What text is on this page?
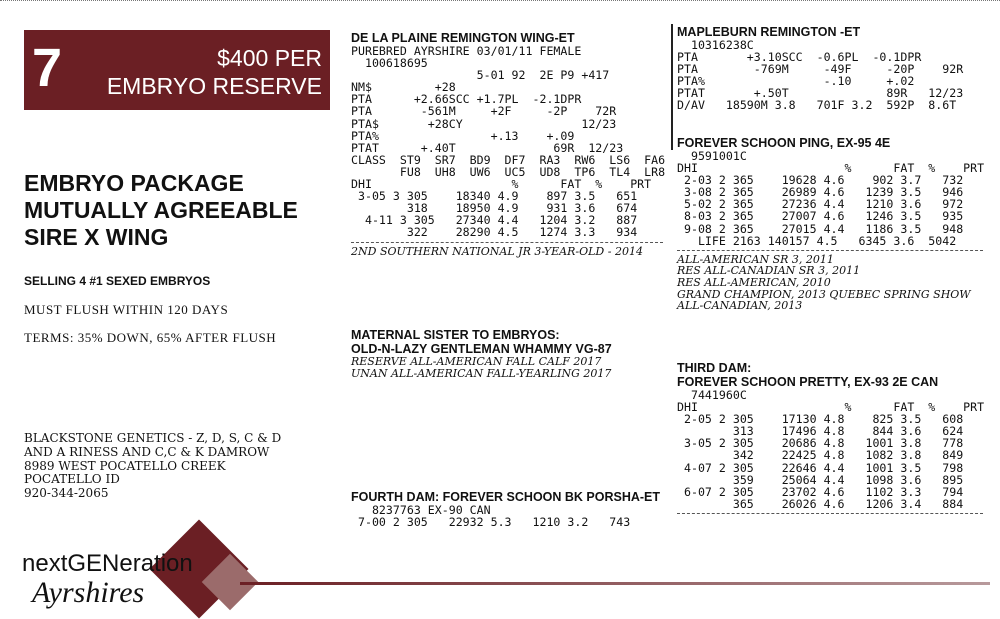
7	$400 PER
EMBRYO RESERVE
EMBRYO PACKAGE
MUTUALLY AGREEABLE
SIRE X WING
SELLING 4 #1 SEXED EMBRYOS
MUST FLUSH WITHIN 120 DAYS
TERMS: 35% DOWN, 65% AFTER FLUSH
BLACKSTONE GENETICS - Z, D, S, C & D
AND A RINESS AND C,C & K DAMROW
8989 WEST POCATELLO CREEK
POCATELLO ID
920-344-2065
DE LA PLAINE REMINGTON WING-ET
PUREBRED AYRSHIRE 03/01/11 FEMALE
100618695
5-01 92  2E P9 +417
NM$         +28
PTA      +2.66SCC +1.7PL  -2.1DPR
PTA       -561M     +2F     -2P    72R
PTA$       +28CY                 12/23
PTA%                +.13    +.09
PTAT      +.40T              69R  12/23
CLASS  ST9  SR7  BD9  DF7  RA3  RW6  LS6  FA6
FU8  UH8  UW6  UC5  UD8  TP6  TL4  LR8
DHI                    %      FAT  %    PRT
3-05 3 305    18340 4.9    897 3.5   651
318    18950 4.9    931 3.6   674
4-11 3 305   27340 4.4   1204 3.2   887
322    28290 4.5   1274 3.3   934
2ND SOUTHERN NATIONAL JR 3-YEAR-OLD - 2014
MATERNAL SISTER TO EMBRYOS:
OLD-N-LAZY GENTLEMAN WHAMMY VG-87
RESERVE ALL-AMERICAN FALL CALF 2017
UNAN ALL-AMERICAN FALL-YEARLING 2017
FOURTH DAM: FOREVER SCHOON BK PORSHA-ET
8237763 EX-90 CAN
7-00 2 305   22932 5.3   1210 3.2   743
MAPLEBURN REMINGTON -ET
10316238C
PTA       +3.10SCC  -0.6PL  -0.1DPR
PTA        -769M     -49F     -20P    92R
PTA%                 -.10     +.02
PTAT       +.50T              89R   12/23
D/AV   18590M 3.8   701F 3.2  592P  8.6T
FOREVER SCHOON PING, EX-95 4E
9591001C
DHI                     %      FAT  %    PRT
2-03 2 365    19628 4.6    902 3.7   732
3-08 2 365    26989 4.6   1239 3.5   946
5-02 2 365    27236 4.4   1210 3.6   972
8-03 2 365    27007 4.6   1246 3.5   935
9-08 2 365    27015 4.4   1186 3.5   948
LIFE 2163 140157 4.5   6345 3.6  5042
ALL-AMERICAN SR 3, 2011
RES ALL-CANADIAN SR 3, 2011
RES ALL-AMERICAN, 2010
GRAND CHAMPION, 2013 QUEBEC SPRING SHOW
ALL-CANADIAN, 2013
THIRD DAM:
FOREVER SCHOON PRETTY, EX-93 2E CAN
7441960C
DHI                     %      FAT  %    PRT
2-05 2 305    17130 4.8    825 3.5   608
313    17496 4.8    844 3.6   624
3-05 2 305    20686 4.8   1001 3.8   778
342    22425 4.8   1082 3.8   849
4-07 2 305    22646 4.4   1001 3.5   798
359    25064 4.4   1098 3.6   895
6-07 2 305    23702 4.6   1102 3.3   794
365    26026 4.6   1206 3.4   884
nextGENeration
Ayrshires
